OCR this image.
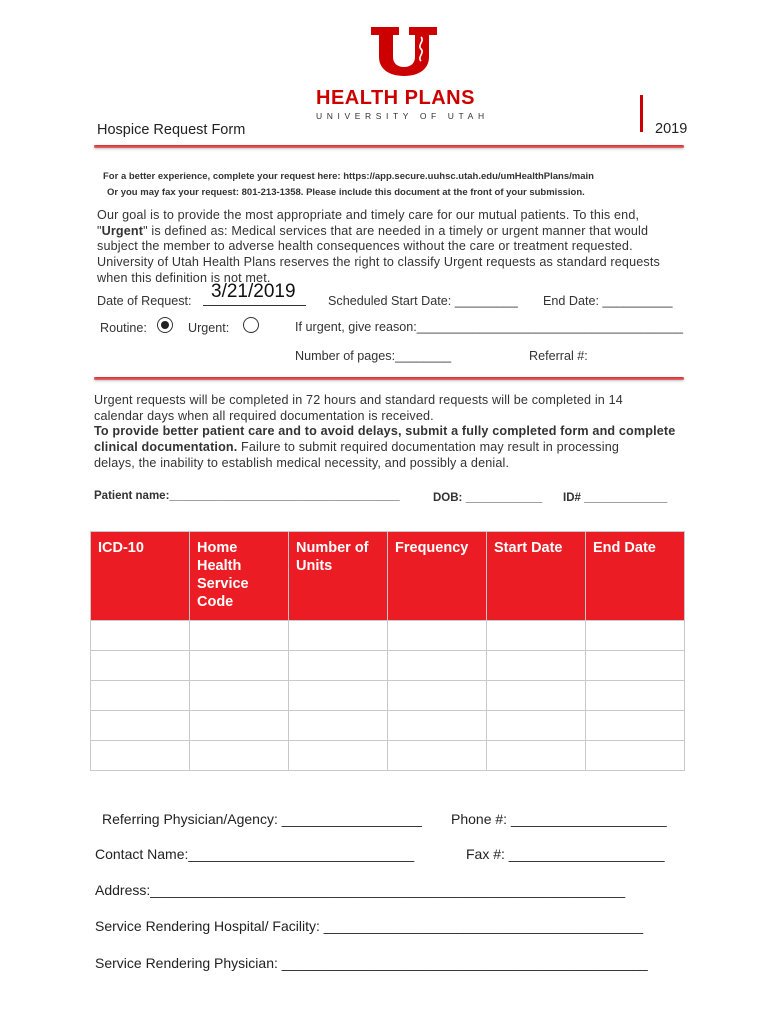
HEALTH PLANS
UNIVERSITY OF UTAH
Hospice Request Form	2019
For a better experience, complete your request here: https://app.secure.uuhsc.utah.edu/umHealthPlans/main
Or you may fax your request: 801-213-1358. Please include this document at the front of your submission.
Our goal is to provide the most appropriate and timely care for our mutual patients. To this end,
"Urgent" is defined as: Medical services that are needed in a timely or urgent manner that would
subject the member to adverse health consequences without the care or treatment requested.
University of Utah Health Plans reserves the right to classify Urgent requests as standard requests
when this definition is not met.
Date of Request: 3/21/2019	Scheduled Start Date: _________ End Date: __________
Routine:	Urgent:	If urgent, give reason:______________________________________
Number of pages:________	Referral #:
Urgent requests will be completed in 72 hours and standard requests will be completed in 14
calendar days when all required documentation is received.
To provide better patient care and to avoid delays, submit a fully completed form and complete
clinical documentation. Failure to submit required documentation may result in processing
delays, the inability to establish medical necessity, and possibly a denial.
Patient name:____________________________________	DOB: ____________ ID# _____________
ICD-10	Home Health Service Code	Number of Units	Frequency	Start Date	End Date

Referring Physician/Agency: __________________ Phone #: ____________________
Contact Name:_____________________________	Fax #: ____________________
Address:_____________________________________________________________
Service Rendering Hospital/ Facility: _________________________________________
Service Rendering Physician: _______________________________________________
